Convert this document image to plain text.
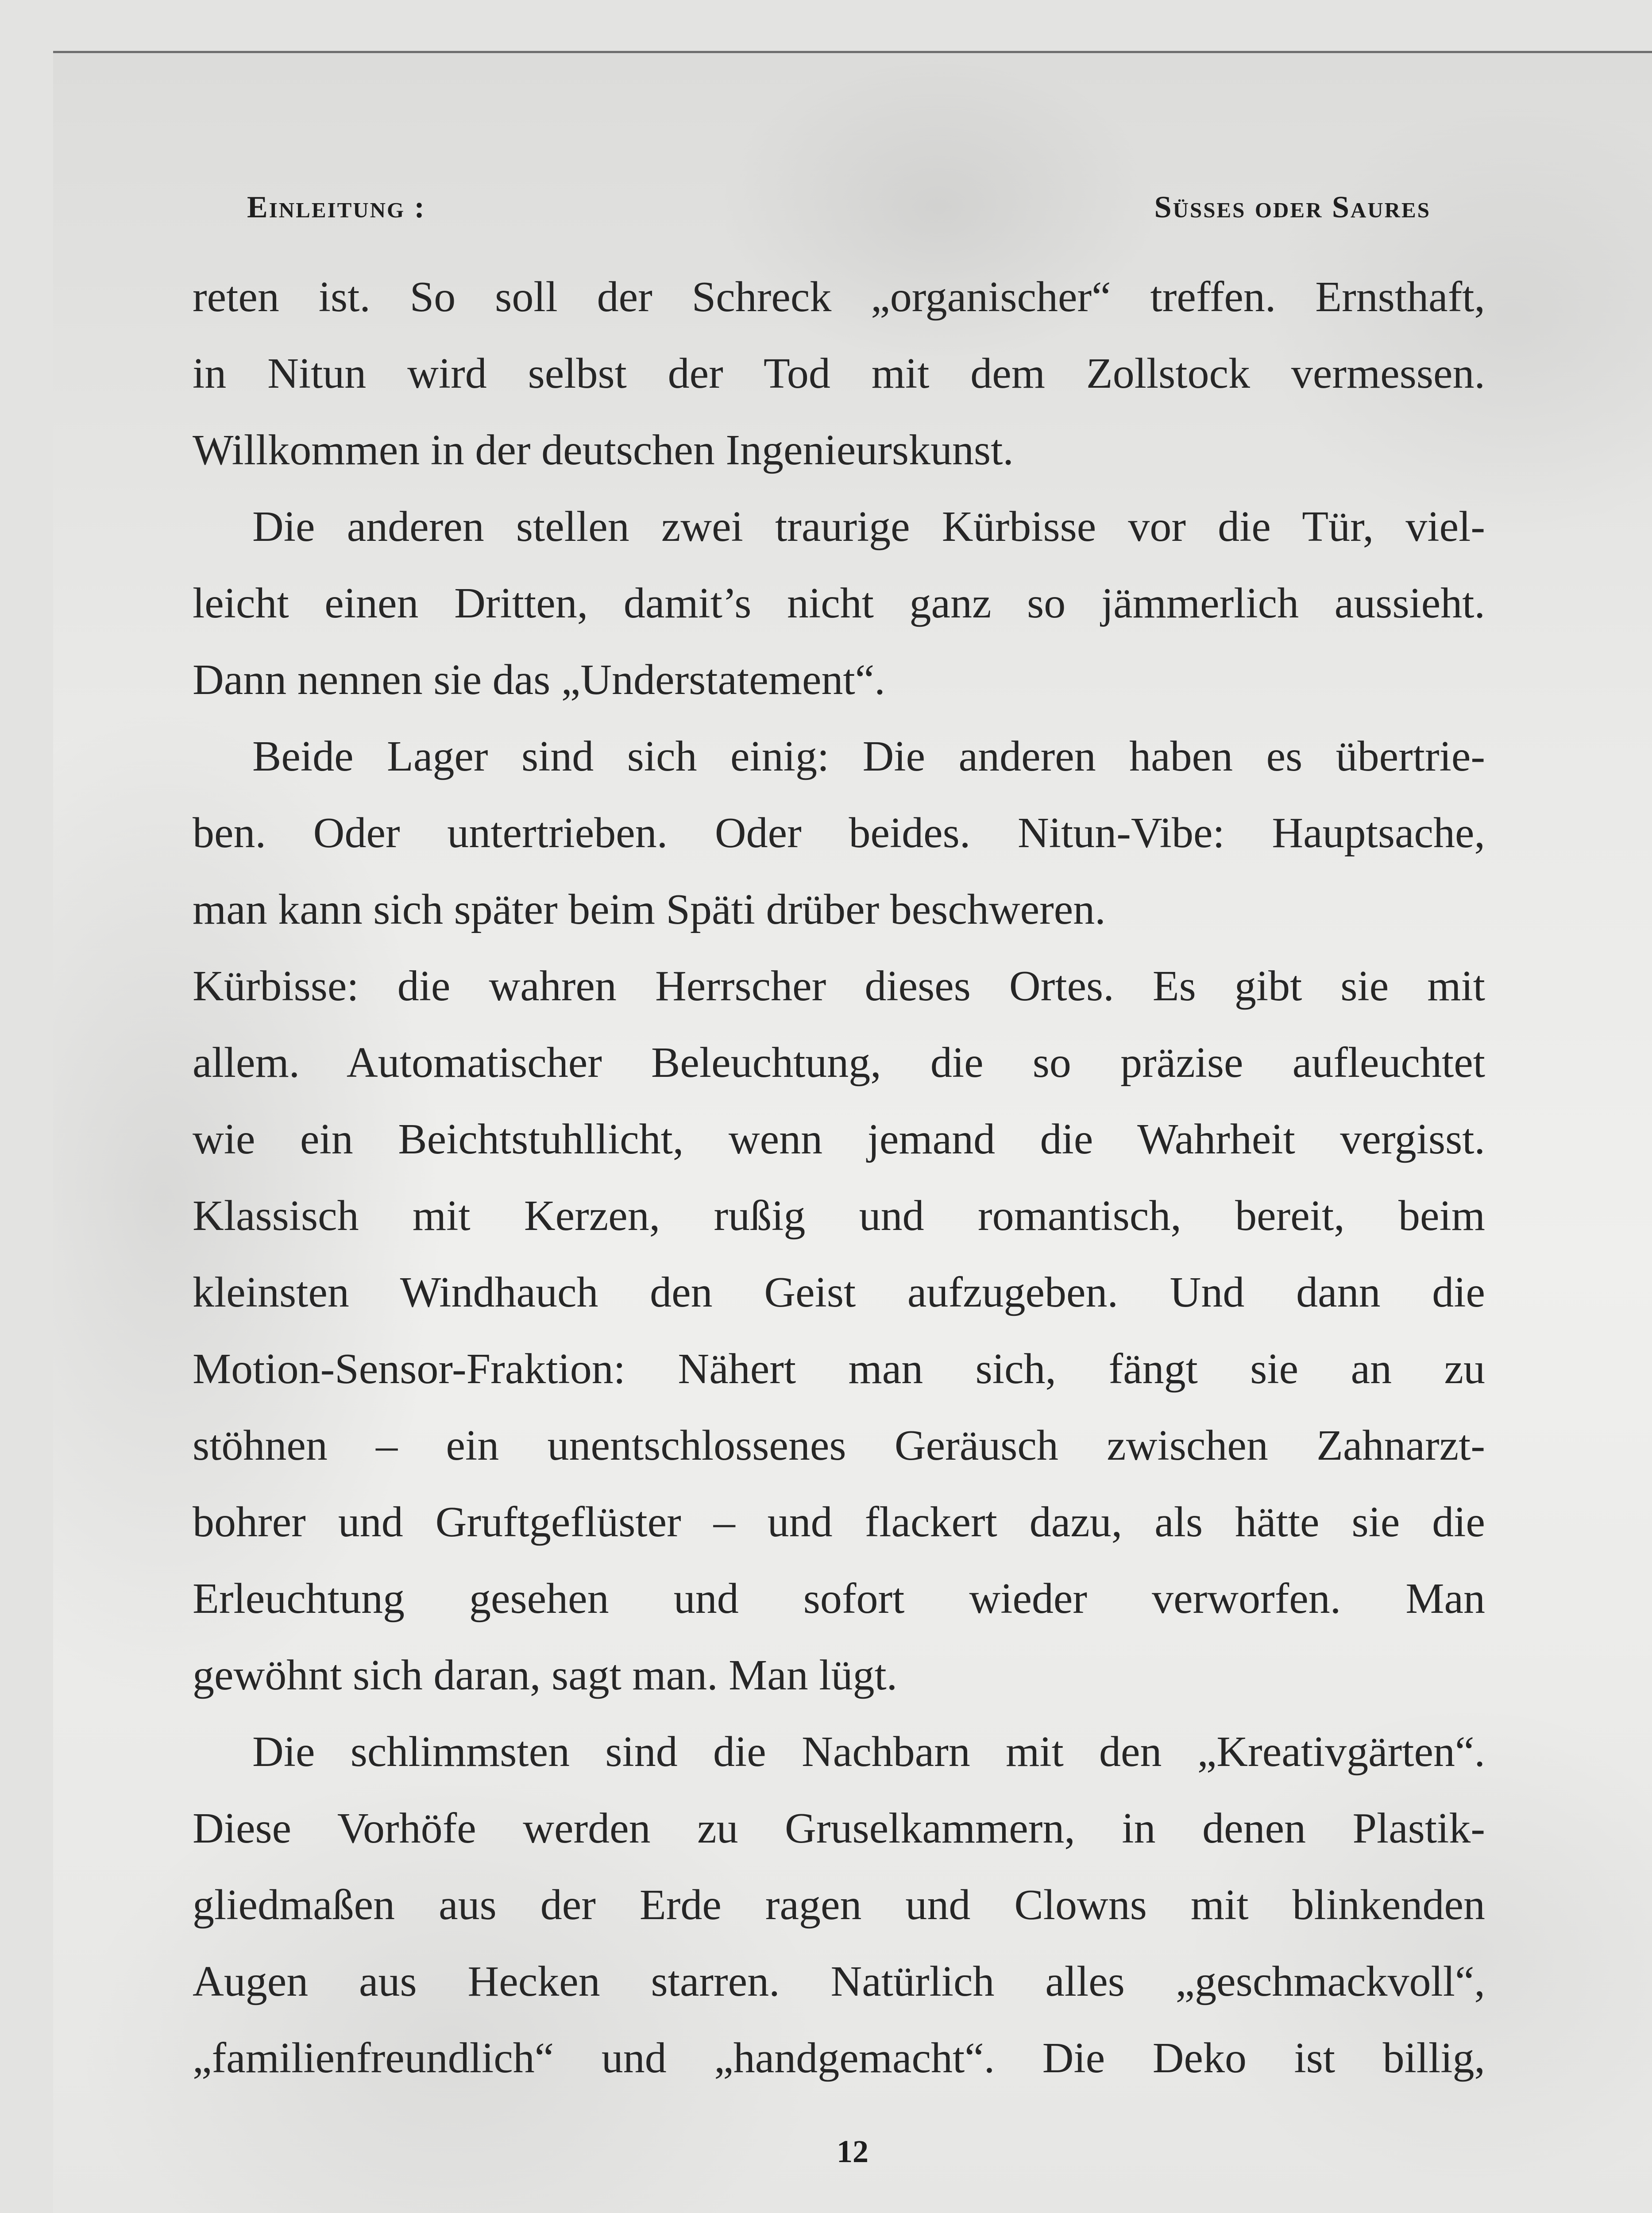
Einleitung :	Süsses oder Saures
reten ist. So soll der Schreck „organischer“ treffen. Ernsthaft,
in Nitun wird selbst der Tod mit dem Zollstock vermessen.
Willkommen in der deutschen Ingenieurskunst.
Die anderen stellen zwei traurige Kürbisse vor die Tür, viel-
leicht einen Dritten, damit’s nicht ganz so jämmerlich aussieht.
Dann nennen sie das „Understatement“.
Beide Lager sind sich einig: Die anderen haben es übertrie-
ben. Oder untertrieben. Oder beides. Nitun-Vibe: Hauptsache,
man kann sich später beim Späti drüber beschweren.
Kürbisse: die wahren Herrscher dieses Ortes. Es gibt sie mit
allem. Automatischer Beleuchtung, die so präzise aufleuchtet
wie ein Beichtstuhllicht, wenn jemand die Wahrheit vergisst.
Klassisch mit Kerzen, rußig und romantisch, bereit, beim
kleinsten Windhauch den Geist aufzugeben. Und dann die
Motion-Sensor-Fraktion: Nähert man sich, fängt sie an zu
stöhnen – ein unentschlossenes Geräusch zwischen Zahnarzt-
bohrer und Gruftgeflüster – und flackert dazu, als hätte sie die
Erleuchtung gesehen und sofort wieder verworfen. Man
gewöhnt sich daran, sagt man. Man lügt.
Die schlimmsten sind die Nachbarn mit den „Kreativgärten“.
Diese Vorhöfe werden zu Gruselkammern, in denen Plastik-
gliedmaßen aus der Erde ragen und Clowns mit blinkenden
Augen aus Hecken starren. Natürlich alles „geschmackvoll“,
„familienfreundlich“ und „handgemacht“. Die Deko ist billig,
12
